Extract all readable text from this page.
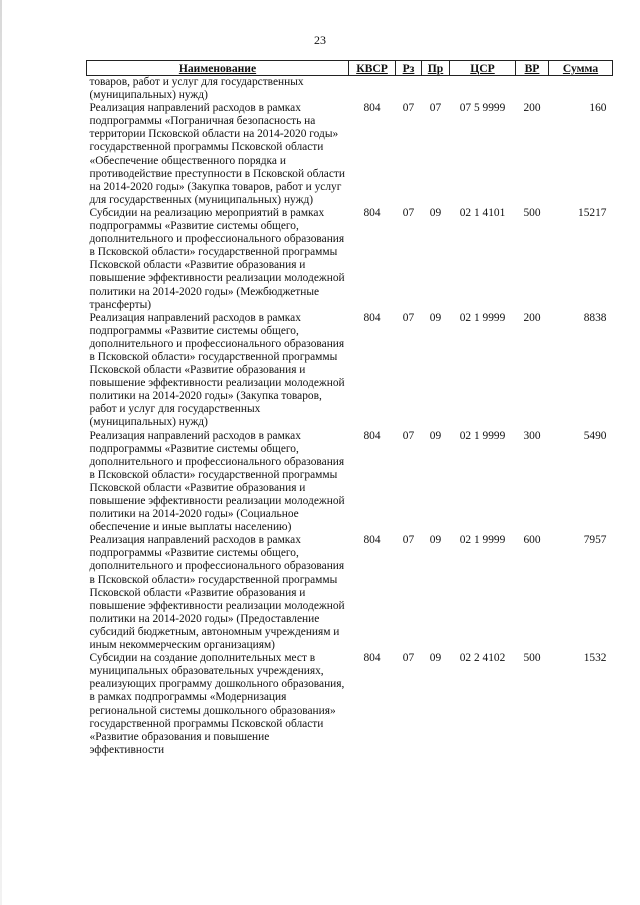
23
Наименование	КВСР	Рз	Пр	ЦСР	ВР	Сумма
товаров, работ и услуг для государственных (муниципальных) нужд)						
Реализация направлений расходов в рамках подпрограммы «Пограничная безопасность на территории Псковской области на 2014-2020 годы» государственной программы Псковской области «Обеспечение общественного порядка и противодействие преступности в Псковской области на 2014-2020 годы» (Закупка товаров, работ и услуг для государственных (муниципальных) нужд)	804	07	07	07 5 9999	200	160
Субсидии на реализацию мероприятий в рамках подпрограммы «Развитие системы общего, дополнительного и профессионального образования в Псковской области» государственной программы Псковской области «Развитие образования и повышение эффективности реализации молодежной политики на 2014-2020 годы» (Межбюджетные трансферты)	804	07	09	02 1 4101	500	15217
Реализация направлений расходов в рамках подпрограммы «Развитие системы общего, дополнительного и профессионального образования в Псковской области» государственной программы Псковской области «Развитие образования и повышение эффективности реализации молодежной политики на 2014-2020 годы» (Закупка товаров, работ и услуг для государственных (муниципальных) нужд)	804	07	09	02 1 9999	200	8838
Реализация направлений расходов в рамках подпрограммы «Развитие системы общего, дополнительного и профессионального образования в Псковской области» государственной программы Псковской области «Развитие образования и повышение эффективности реализации молодежной политики на 2014-2020 годы» (Социальное обеспечение и иные выплаты населению)	804	07	09	02 1 9999	300	5490
Реализация направлений расходов в рамках подпрограммы «Развитие системы общего, дополнительного и профессионального образования в Псковской области» государственной программы Псковской области «Развитие образования и повышение эффективности реализации молодежной политики на 2014-2020 годы» (Предоставление субсидий бюджетным, автономным учреждениям и иным некоммерческим организациям)	804	07	09	02 1 9999	600	7957
Субсидии на создание дополнительных мест в муниципальных образовательных учреждениях, реализующих программу дошкольного образования, в рамках подпрограммы «Модернизация региональной системы дошкольного образования» государственной программы Псковской области «Развитие образования и повышение эффективности	804	07	09	02 2 4102	500	1532
